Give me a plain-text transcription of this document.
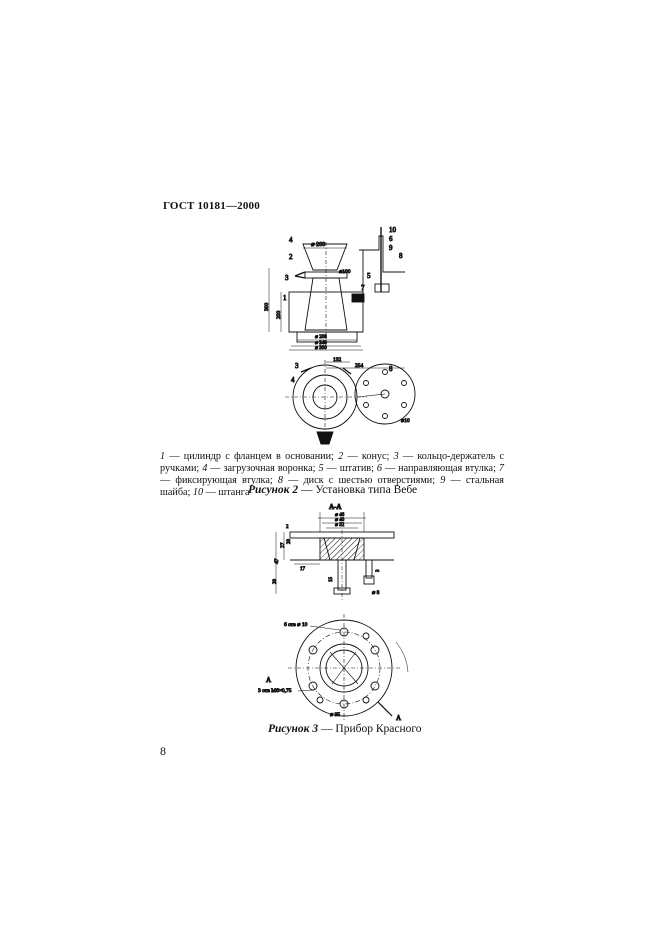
ГОСТ 10181—2000
⌀ 200
⌀100
300
200
⌀ 208
⌀ 240
⌀ 300
132
254
4
2
3
1
5
7
10
6
9
8
3
4
8
⌀10
1 — цилиндр с фланцем в основании; 2 — конус; 3 — кольцо-держатель с ручками; 4 — загрузочная воронка; 5 — штатив; 6 — направляющая втулка; 7— фиксирующая втулка; 8 — диск с шестью отверстиями; 9 — стальная шайба; 10 — штанга
Рисунок 2 — Установка типа Вебе
А-А
⌀ 46
⌀ 40
⌀ 32
47
27
20
20
2
17
15
3
⌀ 8
6 отв ⌀ 10
3 отв М6×0,75
⌀ 95
А
А
Рисунок 3 — Прибор Красного
8
